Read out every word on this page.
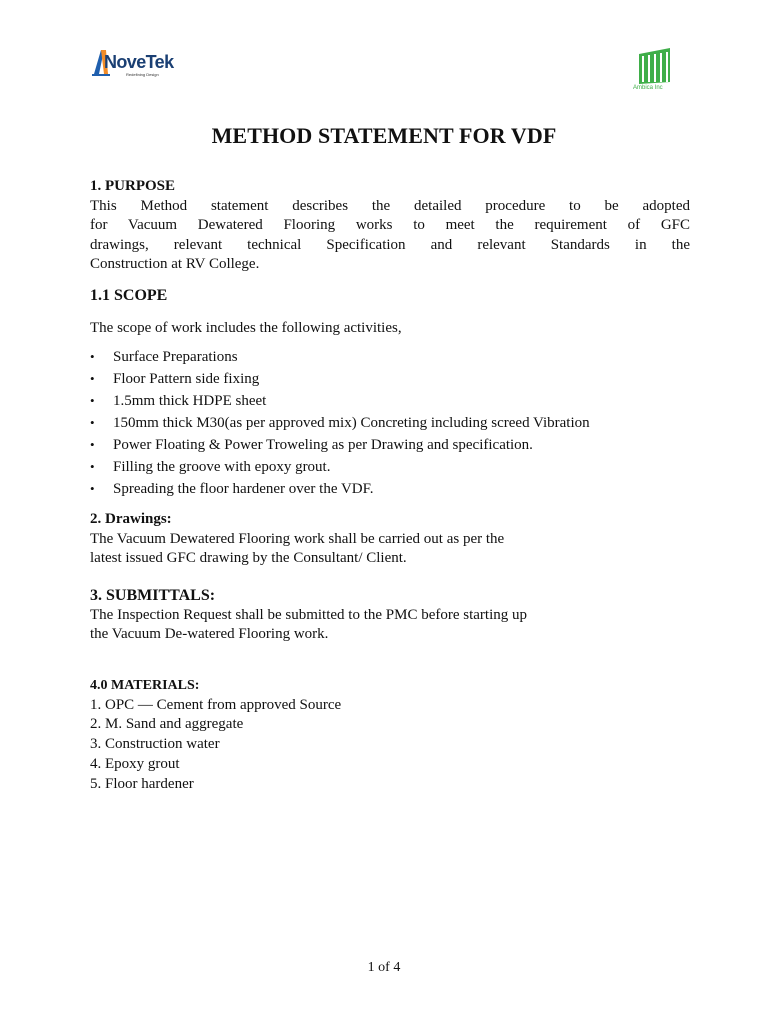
NoveTek
Redefining Design
Ambica Inc
METHOD STATEMENT FOR VDF
1. PURPOSE
This Method statement describes the detailed procedure to be adopted
for Vacuum Dewatered Flooring works to meet the requirement of GFC
drawings, relevant technical Specification and relevant Standards in the
Construction at RV College.
1.1 SCOPE
The scope of work includes the following activities,
• Surface Preparations
• Floor Pattern side fixing
• 1.5mm thick HDPE sheet
• 150mm thick M30(as per approved mix) Concreting including screed Vibration
• Power Floating & Power Troweling as per Drawing and specification.
• Filling the groove with epoxy grout.
• Spreading the floor hardener over the VDF.
2. Drawings:
The Vacuum Dewatered Flooring work shall be carried out as per the
latest issued GFC drawing by the Consultant/ Client.
3. SUBMITTALS:
The Inspection Request shall be submitted to the PMC before starting up
the Vacuum De-watered Flooring work.
4.0 MATERIALS:
1. OPC — Cement from approved Source
2. M. Sand and aggregate
3. Construction water
4. Epoxy grout
5. Floor hardener
1 of 4
